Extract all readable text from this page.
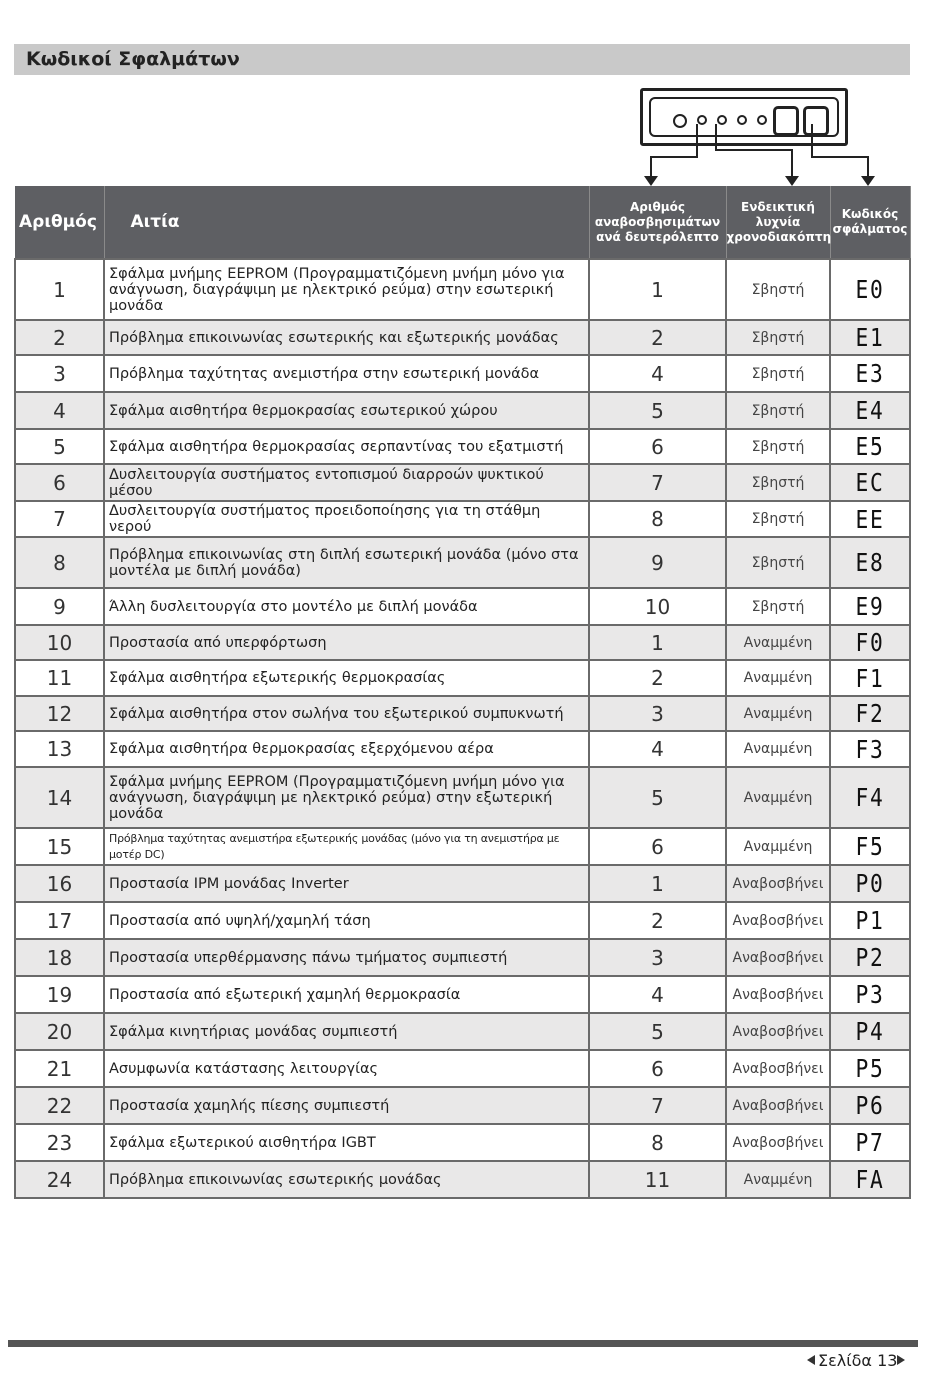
Κωδικοί Σφαλμάτων
Αριθμός	Αιτία	Αριθμός αναβοσβησιμάτων ανά δευτερόλεπτο	Ενδεικτική λυχνία χρονοδιακόπτη	Κωδικός σφάλματος
1	Σφάλμα μνήμης EEPROM (Προγραμματιζόμενη μνήμη μόνο για ανάγνωση, διαγράψιμη με ηλεκτρικό ρεύμα) στην εσωτερική μονάδα	1	Σβηστή	E0
2	Πρόβλημα επικοινωνίας εσωτερικής και εξωτερικής μονάδας	2	Σβηστή	E1
3	Πρόβλημα ταχύτητας ανεμιστήρα στην εσωτερική μονάδα	4	Σβηστή	E3
4	Σφάλμα αισθητήρα θερμοκρασίας εσωτερικού χώρου	5	Σβηστή	E4
5	Σφάλμα αισθητήρα θερμοκρασίας σερπαντίνας του εξατμιστή	6	Σβηστή	E5
6	Δυσλειτουργία συστήματος εντοπισμού διαρροών ψυκτικού μέσου	7	Σβηστή	EC
7	Δυσλειτουργία συστήματος προειδοποίησης για τη στάθμη νερού	8	Σβηστή	EE
8	Πρόβλημα επικοινωνίας στη διπλή εσωτερική μονάδα (μόνο στα μοντέλα με διπλή μονάδα)	9	Σβηστή	E8
9	Άλλη δυσλειτουργία στο μοντέλο με διπλή μονάδα	10	Σβηστή	E9
10	Προστασία από υπερφόρτωση	1	Αναμμένη	F0
11	Σφάλμα αισθητήρα εξωτερικής θερμοκρασίας	2	Αναμμένη	F1
12	Σφάλμα αισθητήρα στον σωλήνα του εξωτερικού συμπυκνωτή	3	Αναμμένη	F2
13	Σφάλμα αισθητήρα θερμοκρασίας εξερχόμενου αέρα	4	Αναμμένη	F3
14	Σφάλμα μνήμης EEPROM (Προγραμματιζόμενη μνήμη μόνο για ανάγνωση, διαγράψιμη με ηλεκτρικό ρεύμα) στην εξωτερική μονάδα	5	Αναμμένη	F4
15	Πρόβλημα ταχύτητας ανεμιστήρα εξωτερικής μονάδας (μόνο για τη ανεμιστήρα με μοτέρ DC)	6	Αναμμένη	F5
16	Προστασία IPM μονάδας Inverter	1	Αναβοσβήνει	P0
17	Προστασία από υψηλή/χαμηλή τάση	2	Αναβοσβήνει	P1
18	Προστασία υπερθέρμανσης πάνω τμήματος συμπιεστή	3	Αναβοσβήνει	P2
19	Προστασία από εξωτερική χαμηλή θερμοκρασία	4	Αναβοσβήνει	P3
20	Σφάλμα κινητήριας μονάδας συμπιεστή	5	Αναβοσβήνει	P4
21	Ασυμφωνία κατάστασης λειτουργίας	6	Αναβοσβήνει	P5
22	Προστασία χαμηλής πίεσης συμπιεστή	7	Αναβοσβήνει	P6
23	Σφάλμα εξωτερικού αισθητήρα IGBT	8	Αναβοσβήνει	P7
24	Πρόβλημα επικοινωνίας εσωτερικής μονάδας	11	Αναμμένη	FA
Σελίδα 13
